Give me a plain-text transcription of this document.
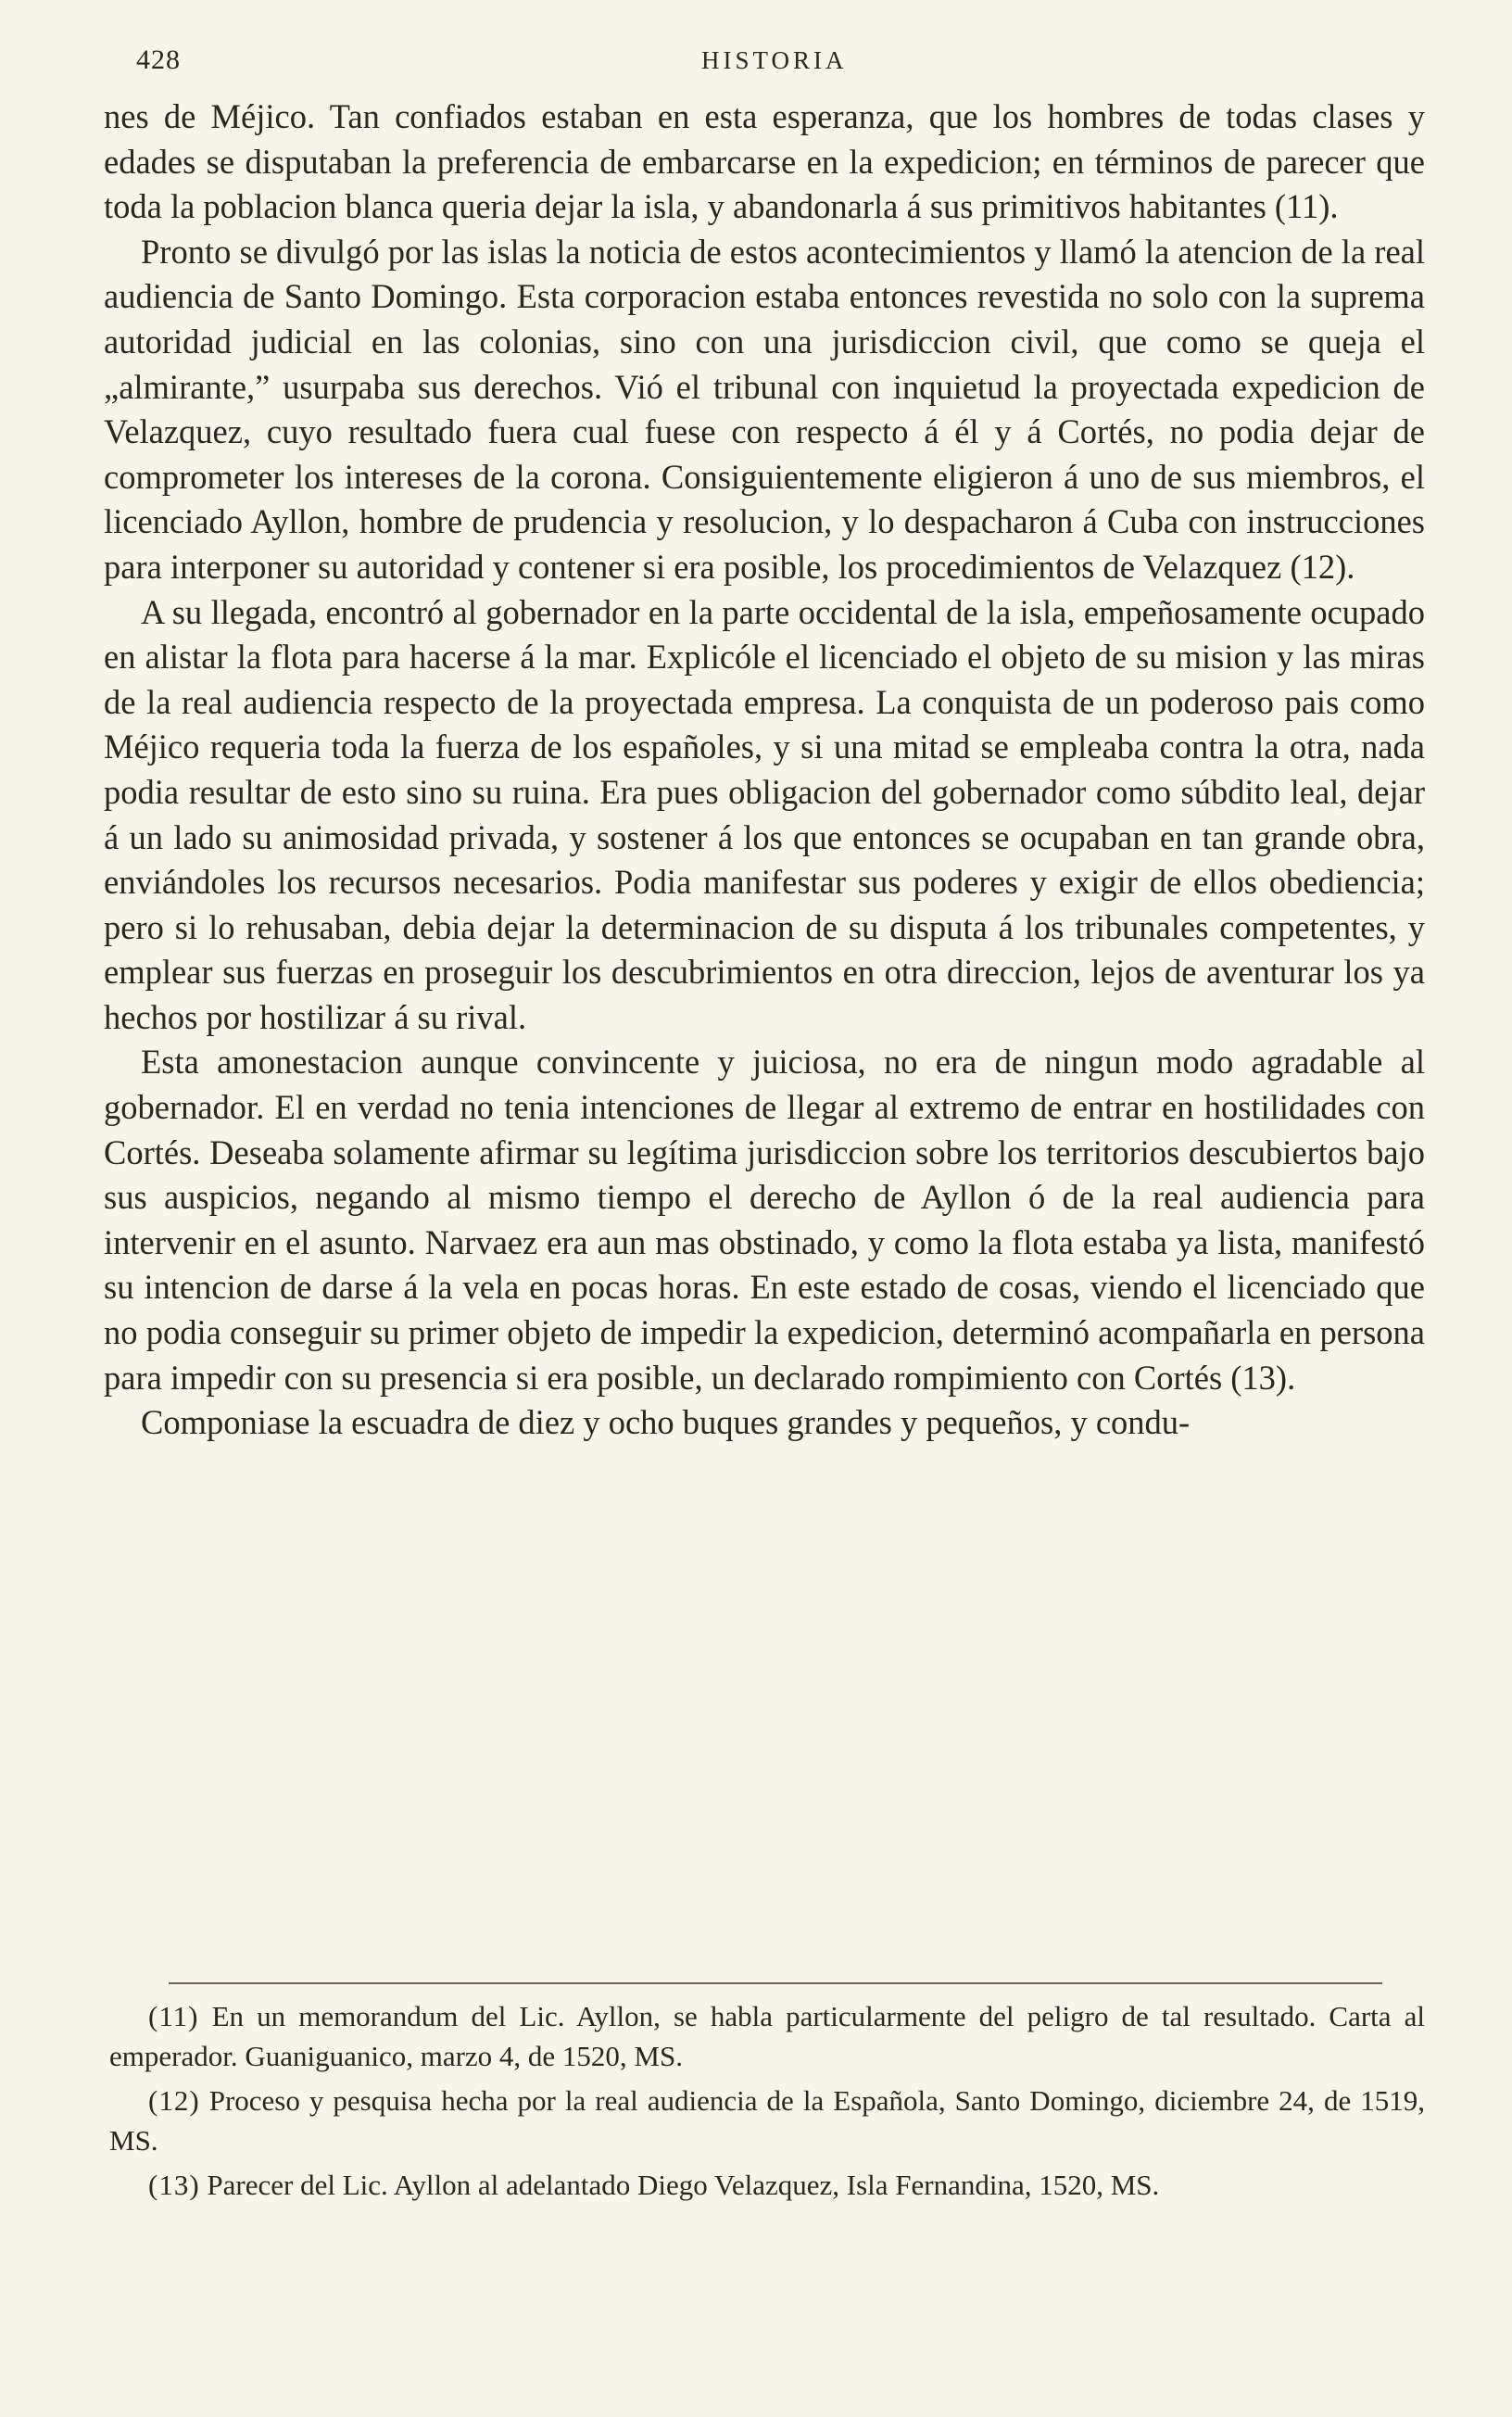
428	HISTORIA

nes de Méjico. Tan confiados estaban en esta esperanza, que los hombres de todas clases y edades se disputaban la preferencia de embarcarse en la expedicion; en términos de parecer que toda la poblacion blanca queria dejar la isla, y abandonarla á sus primitivos habitantes (11).

Pronto se divulgó por las islas la noticia de estos acontecimientos y llamó la atencion de la real audiencia de Santo Domingo. Esta corporacion estaba entonces revestida no solo con la suprema autoridad judicial en las colonias, sino con una jurisdiccion civil, que como se queja el „almirante,” usurpaba sus derechos. Vió el tribunal con inquietud la proyectada expedicion de Velazquez, cuyo resultado fuera cual fuese con respecto á él y á Cortés, no podia dejar de comprometer los intereses de la corona. Consiguientemente eligieron á uno de sus miembros, el licenciado Ayllon, hombre de prudencia y resolucion, y lo despacharon á Cuba con instrucciones para interponer su autoridad y contener si era posible, los procedimientos de Velazquez (12).

A su llegada, encontró al gobernador en la parte occidental de la isla, empeñosamente ocupado en alistar la flota para hacerse á la mar. Explicóle el licenciado el objeto de su mision y las miras de la real audiencia respecto de la proyectada empresa. La conquista de un poderoso pais como Méjico requeria toda la fuerza de los españoles, y si una mitad se empleaba contra la otra, nada podia resultar de esto sino su ruina. Era pues obligacion del gobernador como súbdito leal, dejar á un lado su animosidad privada, y sostener á los que entonces se ocupaban en tan grande obra, enviándoles los recursos necesarios. Podia manifestar sus poderes y exigir de ellos obediencia; pero si lo rehusaban, debia dejar la determinacion de su disputa á los tribunales competentes, y emplear sus fuerzas en proseguir los descubrimientos en otra direccion, lejos de aventurar los ya hechos por hostilizar á su rival.

Esta amonestacion aunque convincente y juiciosa, no era de ningun modo agradable al gobernador. El en verdad no tenia intenciones de llegar al extremo de entrar en hostilidades con Cortés. Deseaba solamente afirmar su legítima jurisdiccion sobre los territorios descubiertos bajo sus auspicios, negando al mismo tiempo el derecho de Ayllon ó de la real audiencia para intervenir en el asunto. Narvaez era aun mas obstinado, y como la flota estaba ya lista, manifestó su intencion de darse á la vela en pocas horas. En este estado de cosas, viendo el licenciado que no podia conseguir su primer objeto de impedir la expedicion, determinó acompañarla en persona para impedir con su presencia si era posible, un declarado rompimiento con Cortés (13).

Componiase la escuadra de diez y ocho buques grandes y pequeños, y condu-

(11) En un memorandum del Lic. Ayllon, se habla particularmente del peligro de tal resultado. Carta al emperador. Guaniguanico, marzo 4, de 1520, MS.

(12) Proceso y pesquisa hecha por la real audiencia de la Española, Santo Domingo, diciembre 24, de 1519, MS.

(13) Parecer del Lic. Ayllon al adelantado Diego Velazquez, Isla Fernandina, 1520, MS.
